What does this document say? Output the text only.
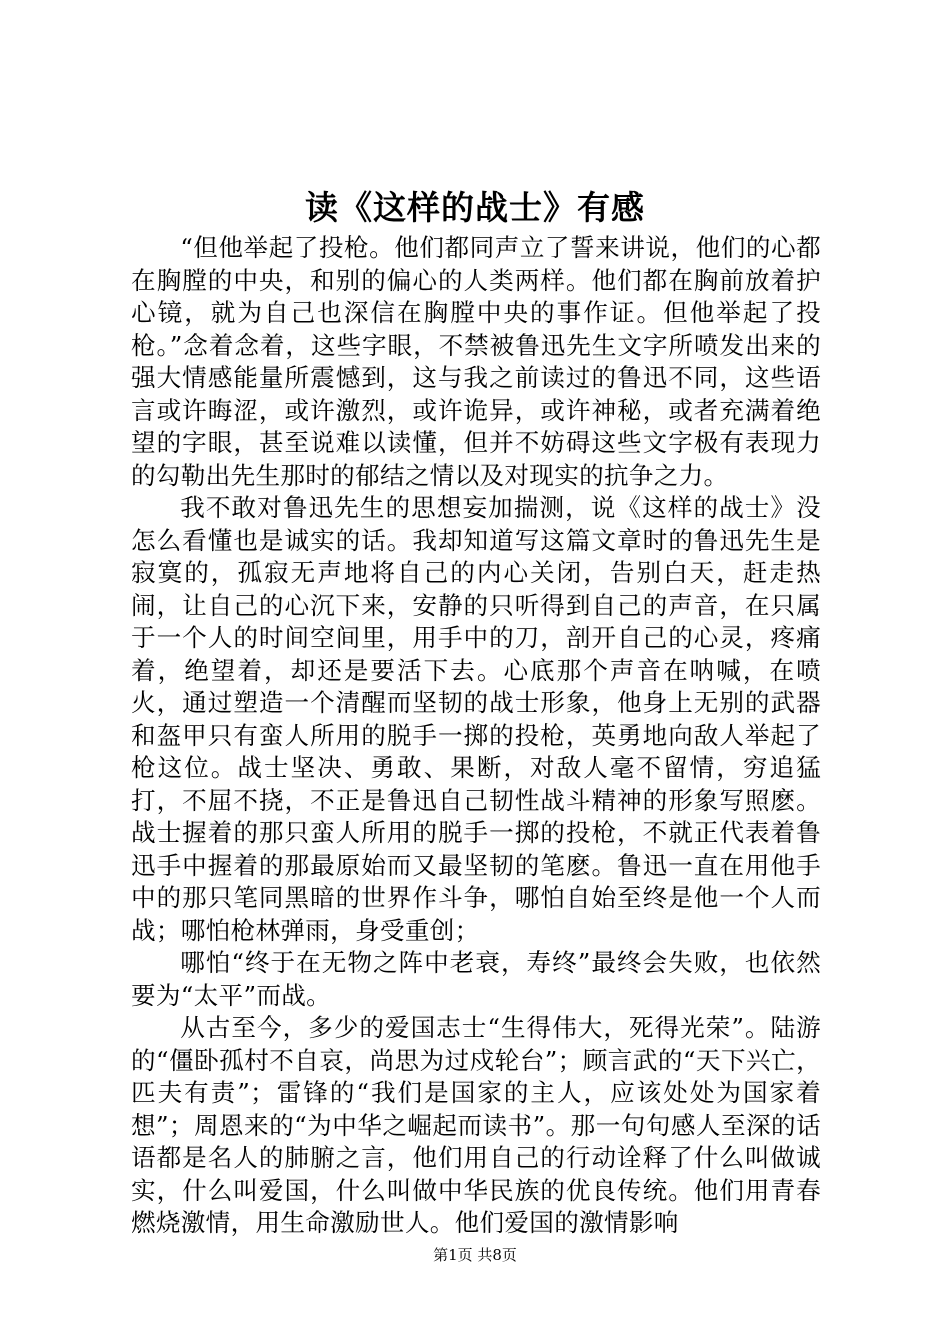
读《这样的战士》有感

“但他举起了投枪。他们都同声立了誓来讲说，他们的心都在胸膛的中央，和别的偏心的人类两样。他们都在胸前放着护心镜，就为自己也深信在胸膛中央的事作证。但他举起了投枪。”念着念着，这些字眼，不禁被鲁迅先生文字所喷发出来的强大情感能量所震憾到，这与我之前读过的鲁迅不同，这些语言或许晦涩，或许激烈，或许诡异，或许神秘，或者充满着绝望的字眼，甚至说难以读懂，但并不妨碍这些文字极有表现力的勾勒出先生那时的郁结之情以及对现实的抗争之力。

我不敢对鲁迅先生的思想妄加揣测，说《这样的战士》没怎么看懂也是诚实的话。我却知道写这篇文章时的鲁迅先生是寂寞的，孤寂无声地将自己的内心关闭，告别白天，赶走热闹，让自己的心沉下来，安静的只听得到自己的声音，在只属于一个人的时间空间里，用手中的刀，剖开自己的心灵，疼痛着，绝望着，却还是要活下去。心底那个声音在呐喊，在喷火，通过塑造一个清醒而坚韧的战士形象，他身上无别的武器和盔甲只有蛮人所用的脱手一掷的投枪，英勇地向敌人举起了枪这位。战士坚决、勇敢、果断，对敌人毫不留情，穷追猛打，不屈不挠，不正是鲁迅自己韧性战斗精神的形象写照麽。战士握着的那只蛮人所用的脱手一掷的投枪，不就正代表着鲁迅手中握着的那最原始而又最坚韧的笔麽。鲁迅一直在用他手中的那只笔同黑暗的世界作斗争，哪怕自始至终是他一个人而战；哪怕枪林弹雨，身受重创；

哪怕“终于在无物之阵中老衰，寿终”最终会失败，也依然要为“太平”而战。

从古至今，多少的爱国志士“生得伟大，死得光荣”。陆游的“僵卧孤村不自哀，尚思为过戍轮台”；顾言武的“天下兴亡，匹夫有责”；雷锋的“我们是国家的主人，应该处处为国家着想”；周恩来的“为中华之崛起而读书”。那一句句感人至深的话语都是名人的肺腑之言，他们用自己的行动诠释了什么叫做诚实，什么叫爱国，什么叫做中华民族的优良传统。他们用青春燃烧激情，用生命激励世人。他们爱国的激情影响

第1页 共8页
